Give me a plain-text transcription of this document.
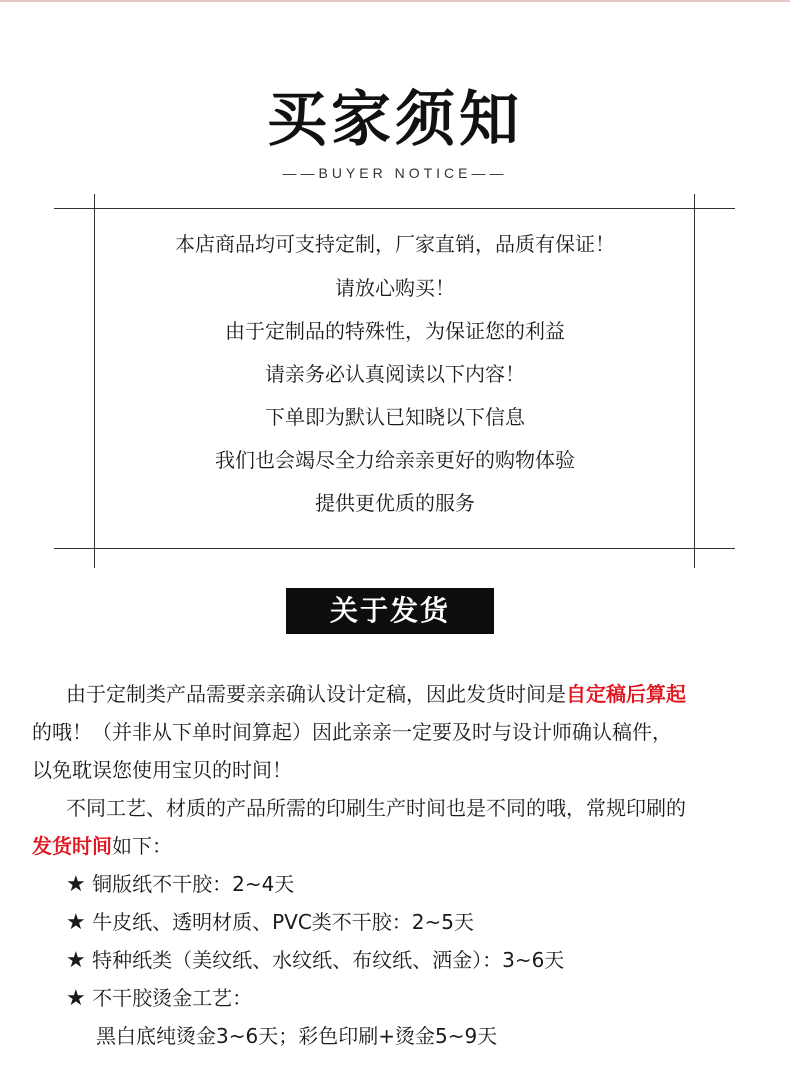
买家须知
——BUYER NOTICE——
本店商品均可支持定制，厂家直销，品质有保证！
请放心购买！
由于定制品的特殊性，为保证您的利益
请亲务必认真阅读以下内容！
下单即为默认已知晓以下信息
我们也会竭尽全力给亲亲更好的购物体验
提供更优质的服务
关于发货
由于定制类产品需要亲亲确认设计定稿，因此发货时间是自定稿后算起
的哦！（并非从下单时间算起）因此亲亲一定要及时与设计师确认稿件，
以免耽误您使用宝贝的时间！
不同工艺、材质的产品所需的印刷生产时间也是不同的哦，常规印刷的
发货时间如下：
★ 铜版纸不干胶：2~4天
★ 牛皮纸、透明材质、PVC类不干胶：2~5天
★ 特种纸类（美纹纸、水纹纸、布纹纸、洒金）：3~6天
★ 不干胶烫金工艺：
黑白底纯烫金3~6天；彩色印刷+烫金5~9天
